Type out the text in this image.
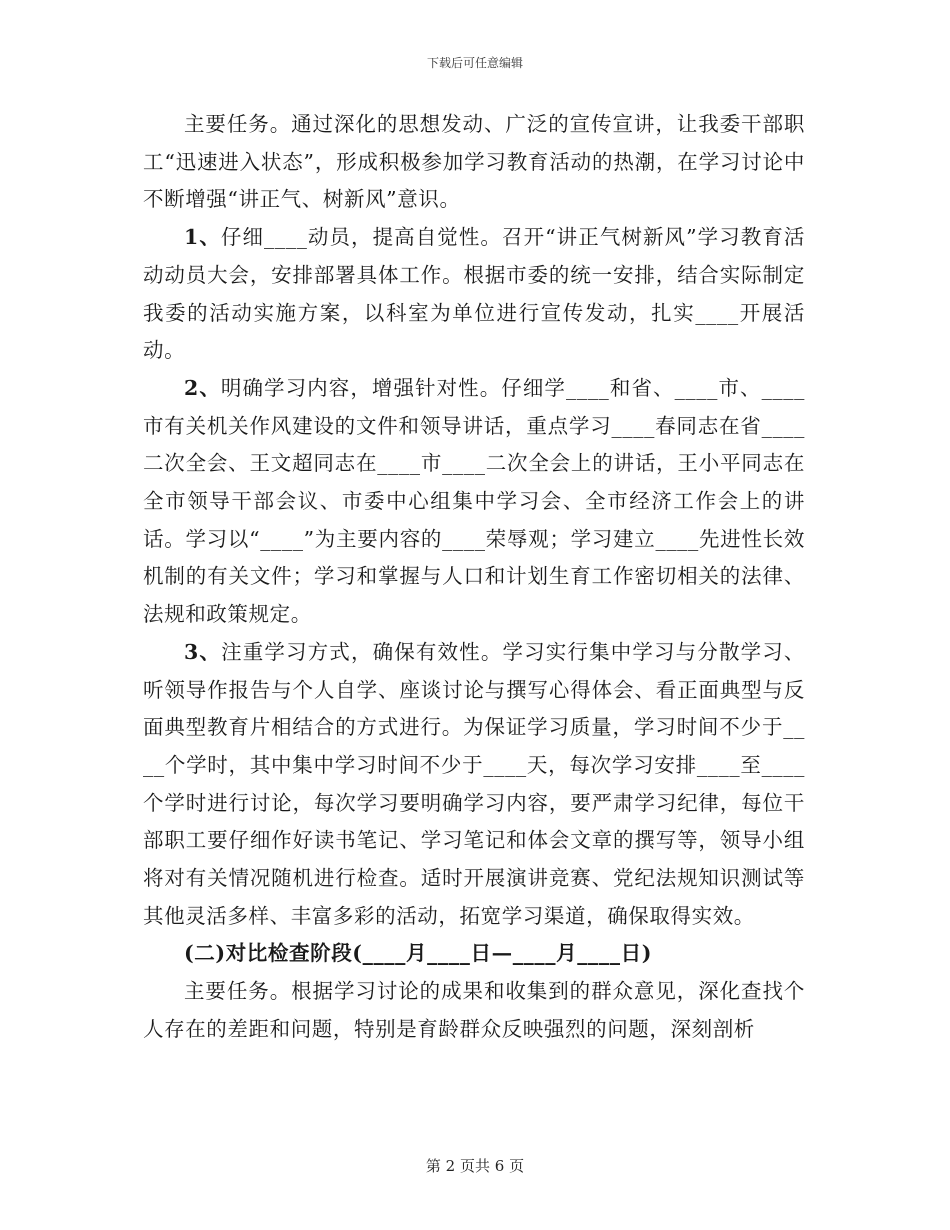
下载后可任意编辑

主要任务。通过深化的思想发动、广泛的宣传宣讲，让我委干部职工“迅速进入状态”，形成积极参加学习教育活动的热潮，在学习讨论中不断增强“讲正气、树新风”意识。

1、仔细____动员，提高自觉性。召开“讲正气树新风”学习教育活动动员大会，安排部署具体工作。根据市委的统一安排，结合实际制定我委的活动实施方案，以科室为单位进行宣传发动，扎实____开展活动。

2、明确学习内容，增强针对性。仔细学____和省、____市、____市有关机关作风建设的文件和领导讲话，重点学习____春同志在省____二次全会、王文超同志在____市____二次全会上的讲话，王小平同志在全市领导干部会议、市委中心组集中学习会、全市经济工作会上的讲话。学习以“____”为主要内容的____荣辱观；学习建立____先进性长效机制的有关文件；学习和掌握与人口和计划生育工作密切相关的法律、法规和政策规定。

3、注重学习方式，确保有效性。学习实行集中学习与分散学习、听领导作报告与个人自学、座谈讨论与撰写心得体会、看正面典型与反面典型教育片相结合的方式进行。为保证学习质量，学习时间不少于____个学时，其中集中学习时间不少于____天，每次学习安排____至____个学时进行讨论，每次学习要明确学习内容，要严肃学习纪律，每位干部职工要仔细作好读书笔记、学习笔记和体会文章的撰写等，领导小组将对有关情况随机进行检查。适时开展演讲竞赛、党纪法规知识测试等其他灵活多样、丰富多彩的活动，拓宽学习渠道，确保取得实效。

(二)对比检查阶段(____月____日—____月____日)

主要任务。根据学习讨论的成果和收集到的群众意见，深化查找个人存在的差距和问题，特别是育龄群众反映强烈的问题，深刻剖析

第 2 页共 6 页
